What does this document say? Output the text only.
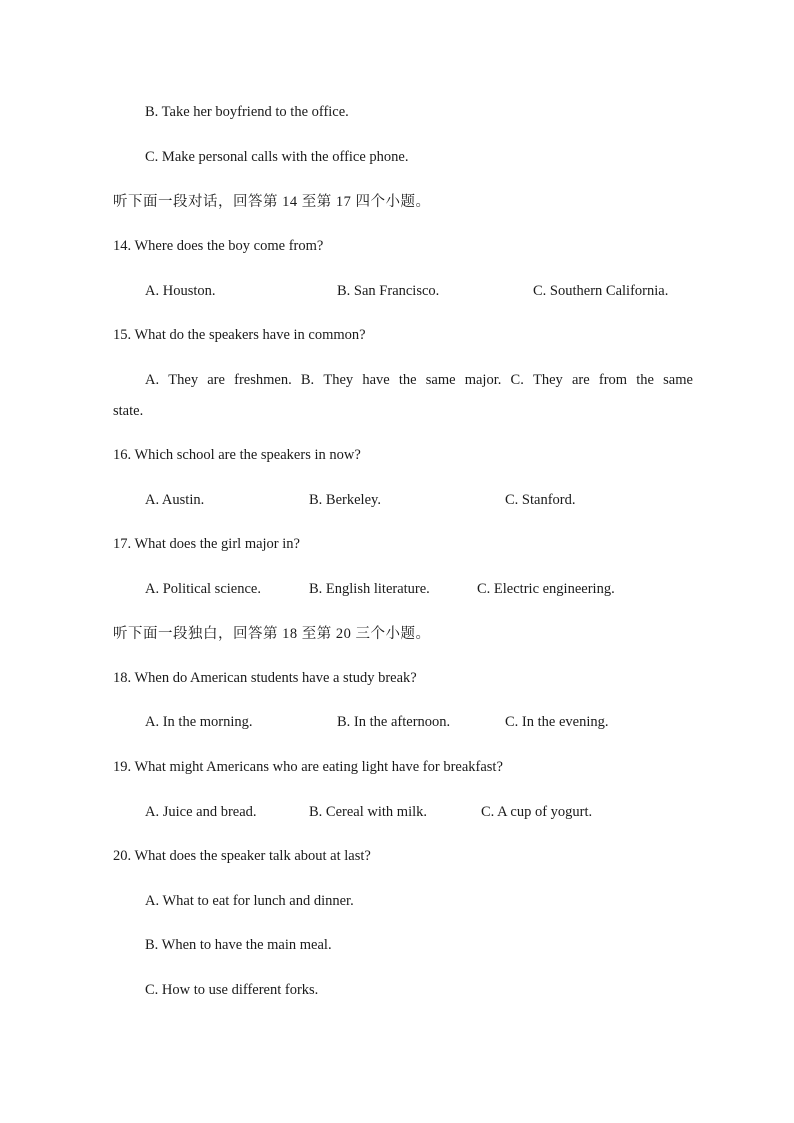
B. Take her boyfriend to the office.
C. Make personal calls with the office phone.
听下面一段对话，回答第 14 至第 17 四个小题。
14. Where does the boy come from?
A. Houston.	B. San Francisco.	C. Southern California.
15. What do the speakers have in common?
A. They are freshmen. B. They have the same major. C. They are from the same
state.
16. Which school are the speakers in now?
A. Austin.	B. Berkeley.	C. Stanford.
17. What does the girl major in?
A. Political science.	B. English literature.	C. Electric engineering.
听下面一段独白，回答第 18 至第 20 三个小题。
18. When do American students have a study break?
A. In the morning.	B. In the afternoon.	C. In the evening.
19. What might Americans who are eating light have for breakfast?
A. Juice and bread.	B. Cereal with milk.	C. A cup of yogurt.
20. What does the speaker talk about at last?
A. What to eat for lunch and dinner.
B. When to have the main meal.
C. How to use different forks.
